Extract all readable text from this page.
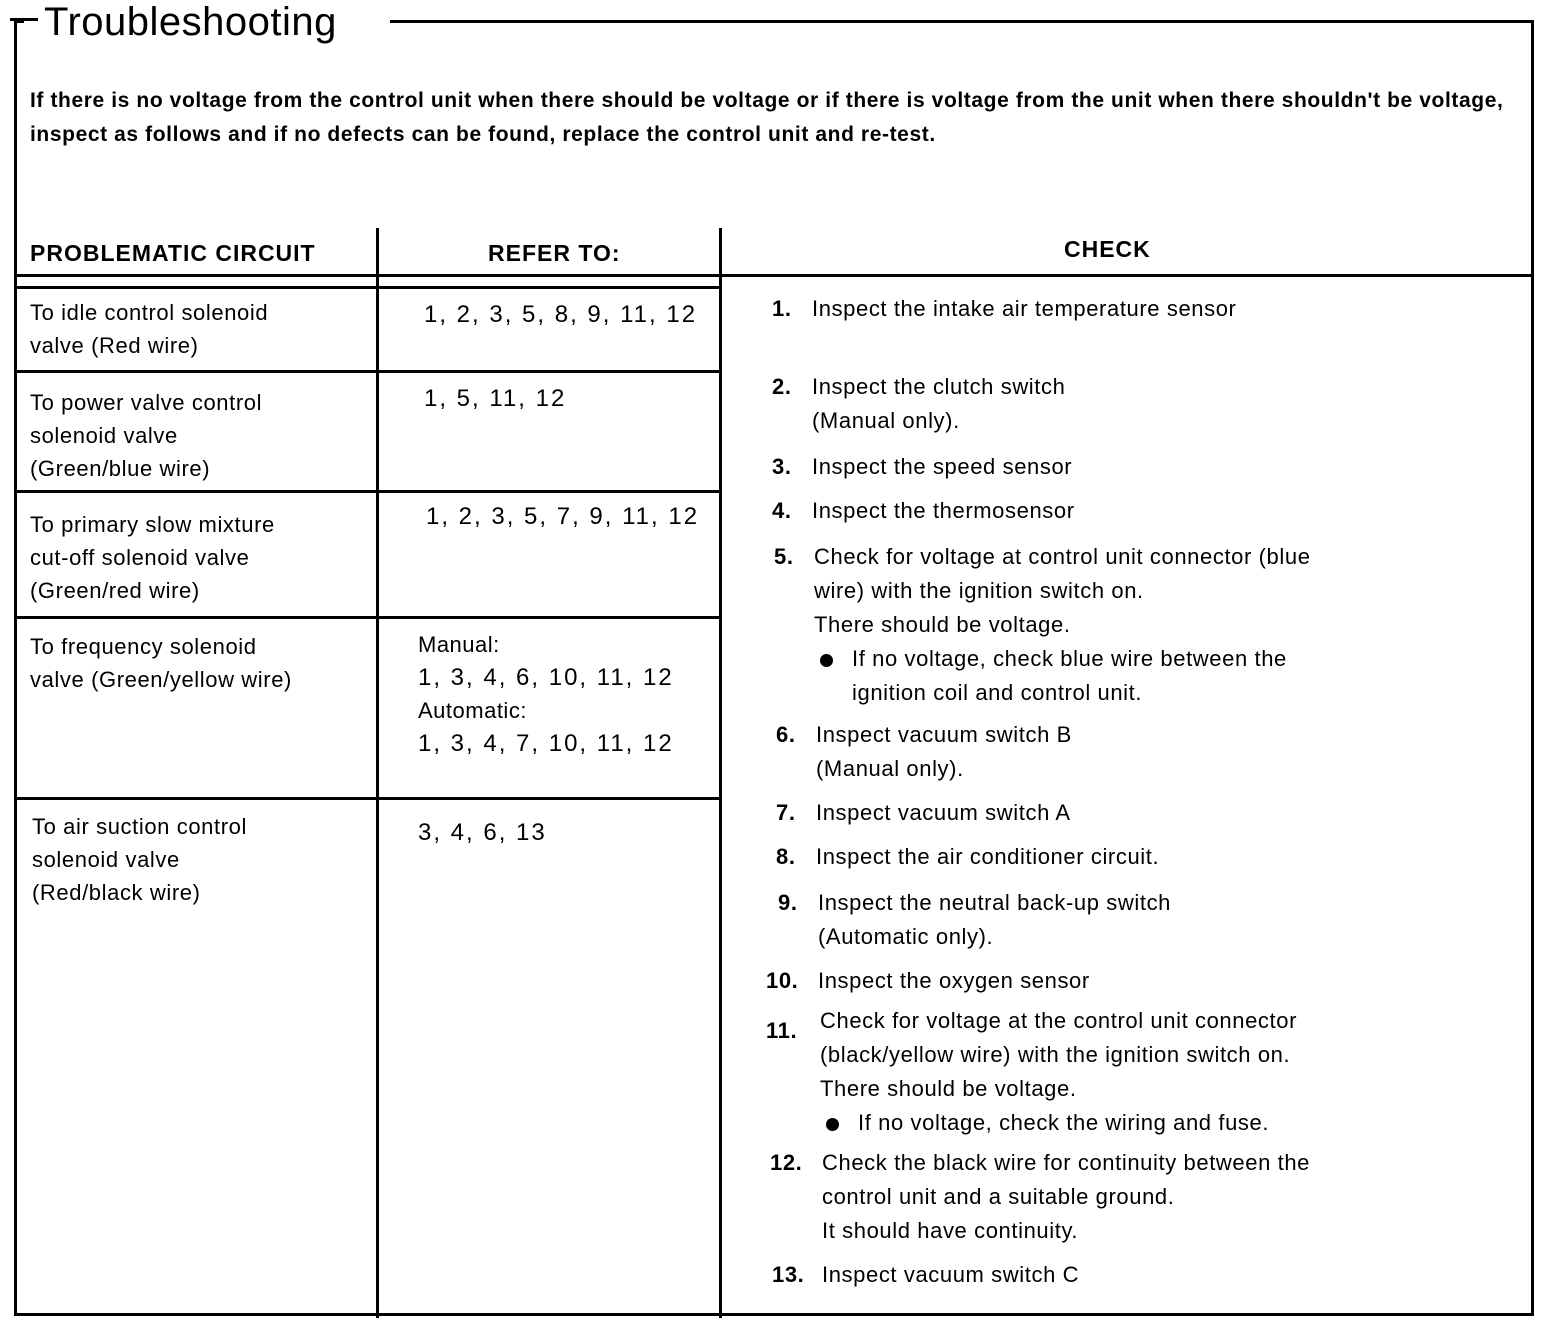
Troubleshooting
If there is no voltage from the control unit when there should be voltage or if there is voltage from the unit when there shouldn't be voltage, inspect as follows and if no defects can be found, replace the control unit and re-test.
PROBLEMATIC CIRCUIT	REFER TO:	CHECK
To idle control solenoid
valve (Red wire)
1, 2, 3, 5, 8, 9, 11, 12
To power valve control
solenoid valve
(Green/blue wire)
1, 5, 11, 12
To primary slow mixture
cut-off solenoid valve
(Green/red wire)
1, 2, 3, 5, 7, 9, 11, 12
To frequency solenoid
valve (Green/yellow wire)
Manual:
1, 3, 4, 6, 10, 11, 12
Automatic:
1, 3, 4, 7, 10, 11, 12
To air suction control
solenoid valve
(Red/black wire)
3, 4, 6, 13
1. Inspect the intake air temperature sensor
2. Inspect the clutch switch
(Manual only).
3. Inspect the speed sensor
4. Inspect the thermosensor
5. Check for voltage at control unit connector (blue
wire) with the ignition switch on.
There should be voltage.
If no voltage, check blue wire between the
ignition coil and control unit.
6. Inspect vacuum switch B
(Manual only).
7. Inspect vacuum switch A
8. Inspect the air conditioner circuit.
9. Inspect the neutral back-up switch
(Automatic only).
10. Inspect the oxygen sensor
11. Check for voltage at the control unit connector
(black/yellow wire) with the ignition switch on.
There should be voltage.
If no voltage, check the wiring and fuse.
12. Check the black wire for continuity between the
control unit and a suitable ground.
It should have continuity.
13. Inspect vacuum switch C
